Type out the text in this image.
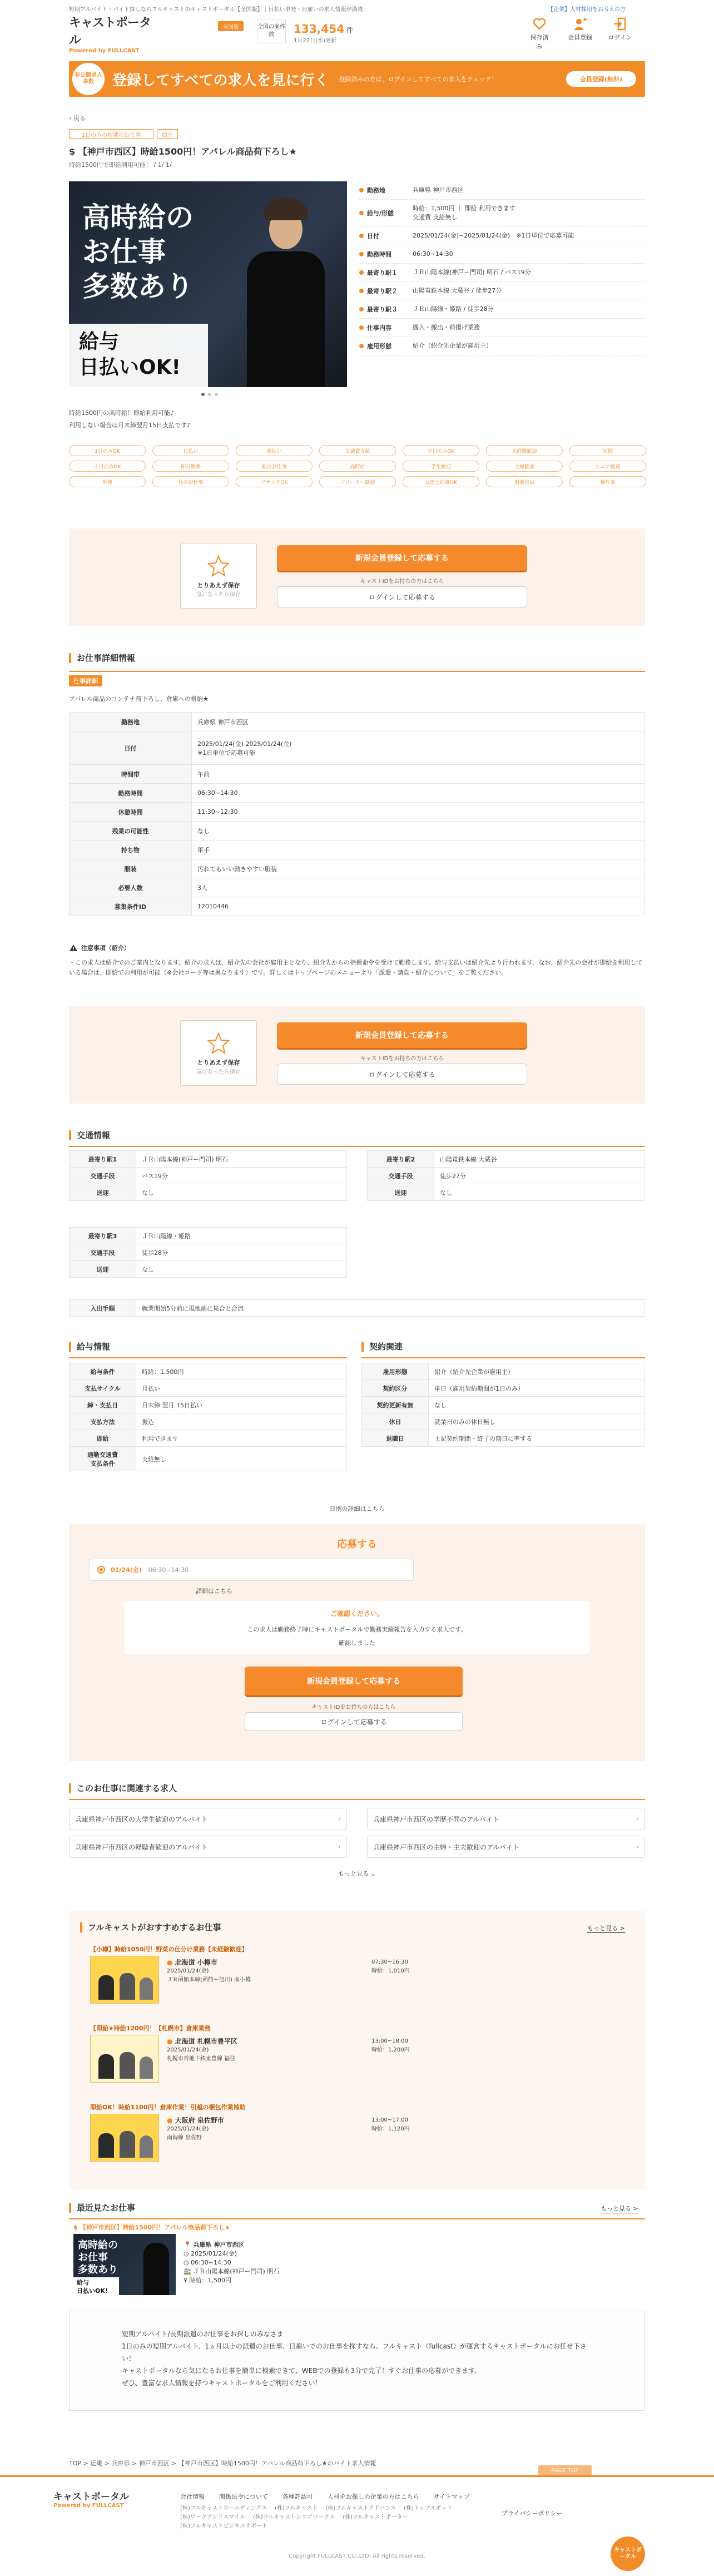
短期アルバイト・バイト探しならフルキャストのキャストポータル【全国版】｜日払い単発・日雇いの求人情報が満載	【企業】人材採用をお考えの方
キャストポータル
Powered by FULLCAST
全国版	全国の案件数	133,454 件
1月22日(水)更新	保存済み
会員登録	ログイン
非公開求人多数	登録してすべての求人を見に行く 登録済みの方は、ログインしてすべての求人をチェック！	会員登録(無料)
‹ 戻る
1日のみの短期のお仕事	紹介
$ 【神戸市西区】時給1500円！アパレル商品荷下ろし★
時給1500円で即給利用可能！ / 1/ 1/
高時給の
お仕事
多数あり
給与
日払いOK!
勤務地	兵庫県 神戸市西区
給与/形態
時給：1,500円 ｜ 即給 利用できます
交通費 支給無し
日付	2025/01/24(金)~2025/01/24(金)　※1日単位で応募可能
勤務時間	06:30~14:30
最寄り駅１ ＪＲ山陽本線(神戸ー門司) 明石 / バス19分
最寄り駅２ 山陽電鉄本線 大蔵谷 / 徒歩27分
最寄り駅３ ＪＲ山陽線・姫路 / 徒歩28分
仕事内容	搬入・搬出・荷揚げ業務
雇用形態	紹介（紹介先企業が雇用主）
時給1500円の高時給！即給利用可能♪
利用しない場合は月末締翌月15日支払です♪
1日のみOK	日払い	週払い	交通費支給	平日のみOK	未経験歓迎	短期
土日のみOK	即日勤務	朝のお仕事	高時給	学生歓迎	主婦歓迎	シニア歓迎
単発	昼のお仕事	ブランクOK	フリーター歓迎	友達と応募OK	服装自由	軽作業
とりあえず保存
気になったら保存
新規会員登録して応募する
キャストIDをお持ちの方はこちら
ログインして応募する
お仕事詳細情報
仕事詳細
アパレル商品のコンテナ荷下ろし、倉庫への格納★
勤務地	兵庫県 神戸市西区
日付	2025/01/24(金) 2025/01/24(金)
※1日単位で応募可能
時間帯	午前
勤務時間	06:30~14:30
休憩時間	11:30~12:30
残業の可能性	なし
持ち物	軍手
服装	汚れてもいい動きやすい服装
必要人数	3人
募集条件ID	12010446
注意事項（紹介）
・この求人は紹介でのご案内となります。紹介の求人は、紹介先の会社が雇用主となり、紹介先からの指揮命令を受けて勤務します。給与支払いは紹介先より行われます。なお、紹介先の会社が即給を利用している場合は、即給での利用が可能（※会社コード等は異なります）です。詳しくはトップページのメニューより「派遣・請負・紹介について」をご覧ください。
とりあえず保存
気になったら保存
新規会員登録して応募する
キャストIDをお持ちの方はこちら
ログインして応募する
交通情報
最寄り駅1	ＪＲ山陽本線(神戸ー門司) 明石
交通手段	バス19分
送迎	なし
最寄り駅2	山陽電鉄本線 大蔵谷
交通手段	徒歩27分
送迎	なし
最寄り駅3	ＪＲ山陽線・姫路
交通手段	徒歩28分
送迎	なし
入出手順	就業開始5分前に現地前に集合と合流
給与情報	契約関連
給与条件	時給：1,500円
支払サイクル	月払い
締・支払日	月末締 翌月 15日払い
支払方法	振込
即給	利用できます
通勤交通費
支払条件	支給無し
雇用形態	紹介（紹介先企業が雇用主）
契約区分	単日（雇用契約期間が1日のみ）
契約更新有無	なし
休日	就業日のみの休日無し
退職日	上記契約期間・終了の期日に準ずる
日別の詳細はこちら
応募する
01/24(金) 06:30~14:30
詳細はこちら
ご確認ください。
この求人は勤務終了時にキャストポータルで勤務実績報告を入力する求人です。
確認しました
新規会員登録して応募する
キャストIDをお持ちの方はこちら
ログインして応募する
このお仕事に関連する求人
兵庫県神戸市西区の大学生歓迎のアルバイト	›	兵庫県神戸市西区の学歴不問のアルバイト	›
兵庫県神戸市西区の軽聴者歓迎のアルバイト	›	兵庫県神戸市西区の主婦・主夫歓迎のアルバイト	›
もっと見る ⌄
フルキャストがおすすめするお仕事	もっと見る >
【小樽】時給1050円！野菜の仕分け業務【未経験歓迎】
● 北海道 小樽市
2025/01/24(金)
ＪＲ函館本線(函館ー旭川) 南小樽
07:30~16:30
時給：1,010円
【即給★時給1200円！【札幌市】倉庫業務
● 北海道 札幌市豊平区
2025/01/24(金)
札幌市営地下鉄東豊線 福住
13:00~18:00
時給：1,200円
即給OK！時給1100円！倉庫作業！引越の梱包作業補助
● 大阪府 泉佐野市
2025/01/24(金)
南海線 泉佐野
13:00~17:00
時給：1,120円
最近見たお仕事	もっと見る >
$ 【神戸市西区】時給1500円！アパレル商品荷下ろし★
高時給の
お仕事
多数あり
給与
日払いOK!
📍 兵庫県 神戸市西区
◷ 2025/01/24(金)
◷ 06:30~14:30
🚉 ＪＲ山陽本線(神戸ー門司) 明石
¥ 時給：1,500円
短期アルバイト/長期派遣のお仕事をお探しのみなさま
1日のみの短期アルバイト、1ヵ月以上の派遣のお仕事、日雇いでのお仕事を探すなら、フルキャスト（fullcast）が運営するキャストポータルにお任せ下さい！
キャストポータルなら気になるお仕事を簡単に検索できて、WEBでの登録も3分で完了！すぐお仕事の応募ができます。
ぜひ、豊富な求人情報を持つキャストポータルをご利用ください！
TOP > 近畿 > 兵庫県 > 神戸市西区 > 【神戸市西区】時給1500円！アパレル商品荷下ろし★のバイト求人情報
PAGE TOP
キャストポータル
Powered by FULLCAST
会社情報 関係法令について 各種許認可 人材をお探しの企業の方はこちら サイトマップ
(株)フルキャストホールディングス (株)フルキャスト (株)フルキャストアドバンス (株)トップスポット(株)ワークアンドスマイル (株)フルキャストシニアワークス (株)フルキャストポーター(株)フルキャストビジネスサポート
プライバシーポリシー
Copyright FULLCAST CO.,LTD. All rights reserved.
キャストポータル
